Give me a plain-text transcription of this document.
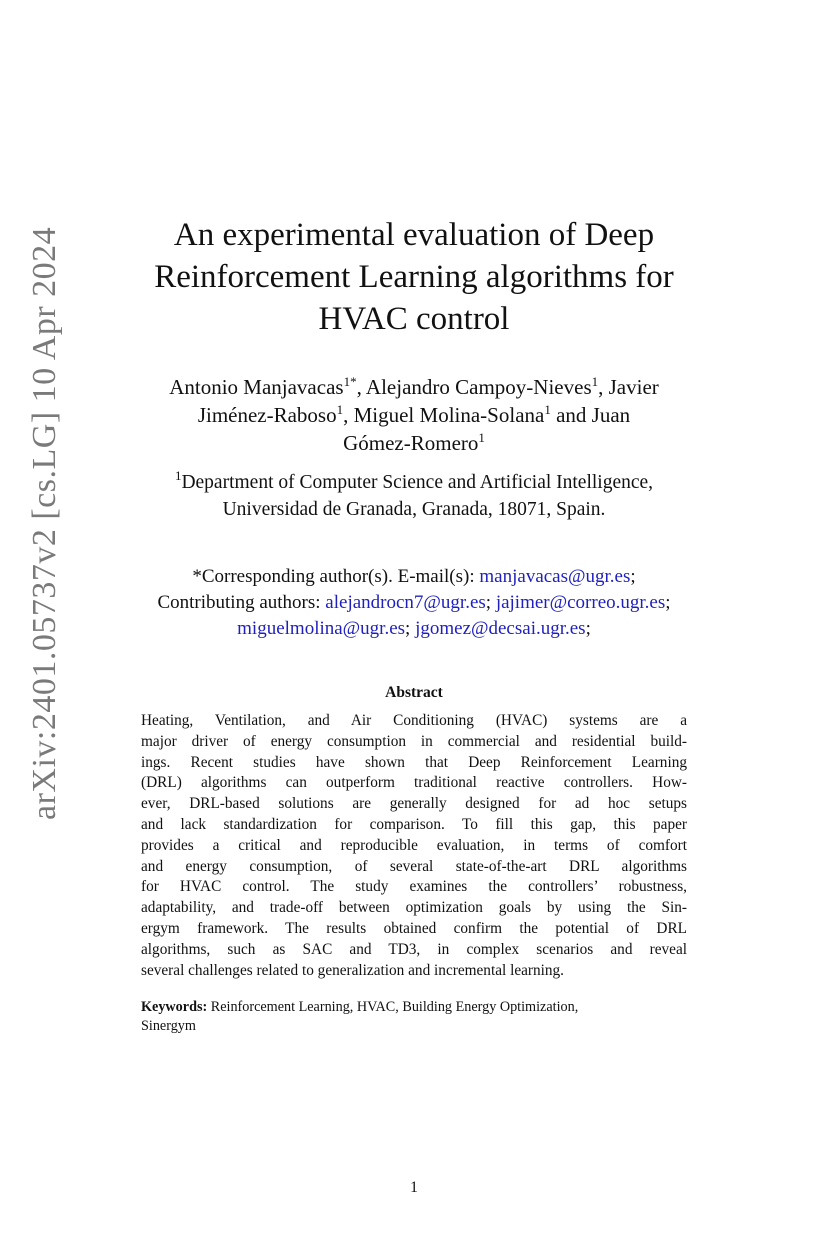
arXiv:2401.05737v2 [cs.LG] 10 Apr 2024	An experimental evaluation of Deep
Reinforcement Learning algorithms for
HVAC control
Antonio Manjavacas$^{1*}$, Alejandro Campoy-Nieves$^1$, Javier
Jiménez-Raboso$^1$, Miguel Molina-Solana$^1$ and Juan
Gómez-Romero$^1$
$^1$Department of Computer Science and Artificial Intelligence,
Universidad de Granada, Granada, 18071, Spain.
*Corresponding author(s). E-mail(s): manjavacas@ugr.es;
Contributing authors: alejandrocn7@ugr.es; jajimer@correo.ugr.es;
miguelmolina@ugr.es; jgomez@decsai.ugr.es;
Abstract
Heating, Ventilation, and Air Conditioning (HVAC) systems are a
major driver of energy consumption in commercial and residential build-
ings. Recent studies have shown that Deep Reinforcement Learning
(DRL) algorithms can outperform traditional reactive controllers. How-
ever, DRL-based solutions are generally designed for ad hoc setups
and lack standardization for comparison. To fill this gap, this paper
provides a critical and reproducible evaluation, in terms of comfort
and energy consumption, of several state-of-the-art DRL algorithms
for HVAC control. The study examines the controllers’ robustness,
adaptability, and trade-off between optimization goals by using the Sin-
ergym framework. The results obtained confirm the potential of DRL
algorithms, such as SAC and TD3, in complex scenarios and reveal
several challenges related to generalization and incremental learning.
Keywords: Reinforcement Learning, HVAC, Building Energy Optimization,
Sinergym
1
